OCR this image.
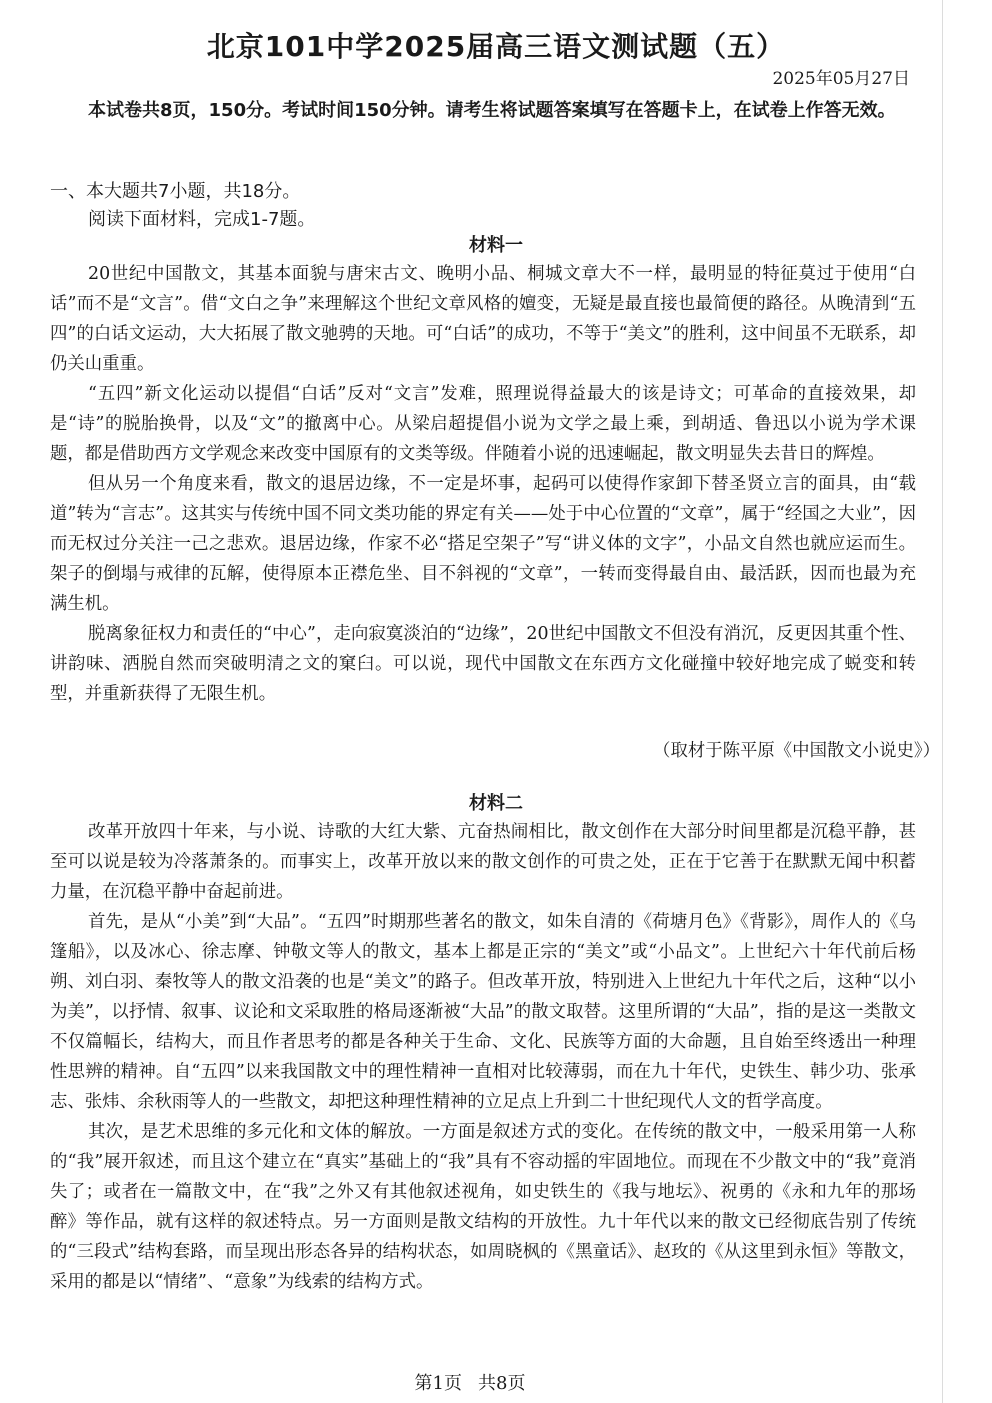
北京101中学2025届高三语文测试题（五）
2025年05月27日
本试卷共8页，150分。考试时间150分钟。请考生将试题答案填写在答题卡上，在试卷上作答无效。
一、本大题共7小题，共18分。
阅读下面材料，完成1-7题。
材料一

20世纪中国散文，其基本面貌与唐宋古文、晚明小品、桐城文章大不一样，最明显的特征莫过于使用“白话”而不是“文言”。借“文白之争”来理解这个世纪文章风格的嬗变，无疑是最直接也最简便的路径。从晚清到“五四”的白话文运动，大大拓展了散文驰骋的天地。可“白话”的成功，不等于“美文”的胜利，这中间虽不无联系，却仍关山重重。

“五四”新文化运动以提倡“白话”反对“文言”发难，照理说得益最大的该是诗文；可革命的直接效果，却是“诗”的脱胎换骨，以及“文”的撤离中心。从梁启超提倡小说为文学之最上乘，到胡适、鲁迅以小说为学术课题，都是借助西方文学观念来改变中国原有的文类等级。伴随着小说的迅速崛起，散文明显失去昔日的辉煌。

但从另一个角度来看，散文的退居边缘，不一定是坏事，起码可以使得作家卸下替圣贤立言的面具，由“载道”转为“言志”。这其实与传统中国不同文类功能的界定有关——处于中心位置的“文章”，属于“经国之大业”，因而无权过分关注一己之悲欢。退居边缘，作家不必“搭足空架子”写“讲义体的文字”，小品文自然也就应运而生。架子的倒塌与戒律的瓦解，使得原本正襟危坐、目不斜视的“文章”，一转而变得最自由、最活跃，因而也最为充满生机。

脱离象征权力和责任的“中心”，走向寂寞淡泊的“边缘”，20世纪中国散文不但没有消沉，反更因其重个性、讲韵味、洒脱自然而突破明清之文的窠臼。可以说，现代中国散文在东西方文化碰撞中较好地完成了蜕变和转型，并重新获得了无限生机。

（取材于陈平原《中国散文小说史》）
材料二

改革开放四十年来，与小说、诗歌的大红大紫、亢奋热闹相比，散文创作在大部分时间里都是沉稳平静，甚至可以说是较为冷落萧条的。而事实上，改革开放以来的散文创作的可贵之处，正在于它善于在默默无闻中积蓄力量，在沉稳平静中奋起前进。

首先，是从“小美”到“大品”。“五四”时期那些著名的散文，如朱自清的《荷塘月色》《背影》，周作人的《乌篷船》，以及冰心、徐志摩、钟敬文等人的散文，基本上都是正宗的“美文”或“小品文”。上世纪六十年代前后杨朔、刘白羽、秦牧等人的散文沿袭的也是“美文”的路子。但改革开放，特别进入上世纪九十年代之后，这种“以小为美”，以抒情、叙事、议论和文采取胜的格局逐渐被“大品”的散文取替。这里所谓的“大品”，指的是这一类散文不仅篇幅长，结构大，而且作者思考的都是各种关于生命、文化、民族等方面的大命题，且自始至终透出一种理性思辨的精神。自“五四”以来我国散文中的理性精神一直相对比较薄弱，而在九十年代，史铁生、韩少功、张承志、张炜、余秋雨等人的一些散文，却把这种理性精神的立足点上升到二十世纪现代人文的哲学高度。

其次，是艺术思维的多元化和文体的解放。一方面是叙述方式的变化。在传统的散文中，一般采用第一人称的“我”展开叙述，而且这个建立在“真实”基础上的“我”具有不容动摇的牢固地位。而现在不少散文中的“我”竟消失了；或者在一篇散文中，在“我”之外又有其他叙述视角，如史铁生的《我与地坛》、祝勇的《永和九年的那场醉》等作品，就有这样的叙述特点。另一方面则是散文结构的开放性。九十年代以来的散文已经彻底告别了传统的“三段式”结构套路，而呈现出形态各异的结构状态，如周晓枫的《黑童话》、赵玫的《从这里到永恒》等散文，采用的都是以“情绪”、“意象”为线索的结构方式。

第1页 共8页
